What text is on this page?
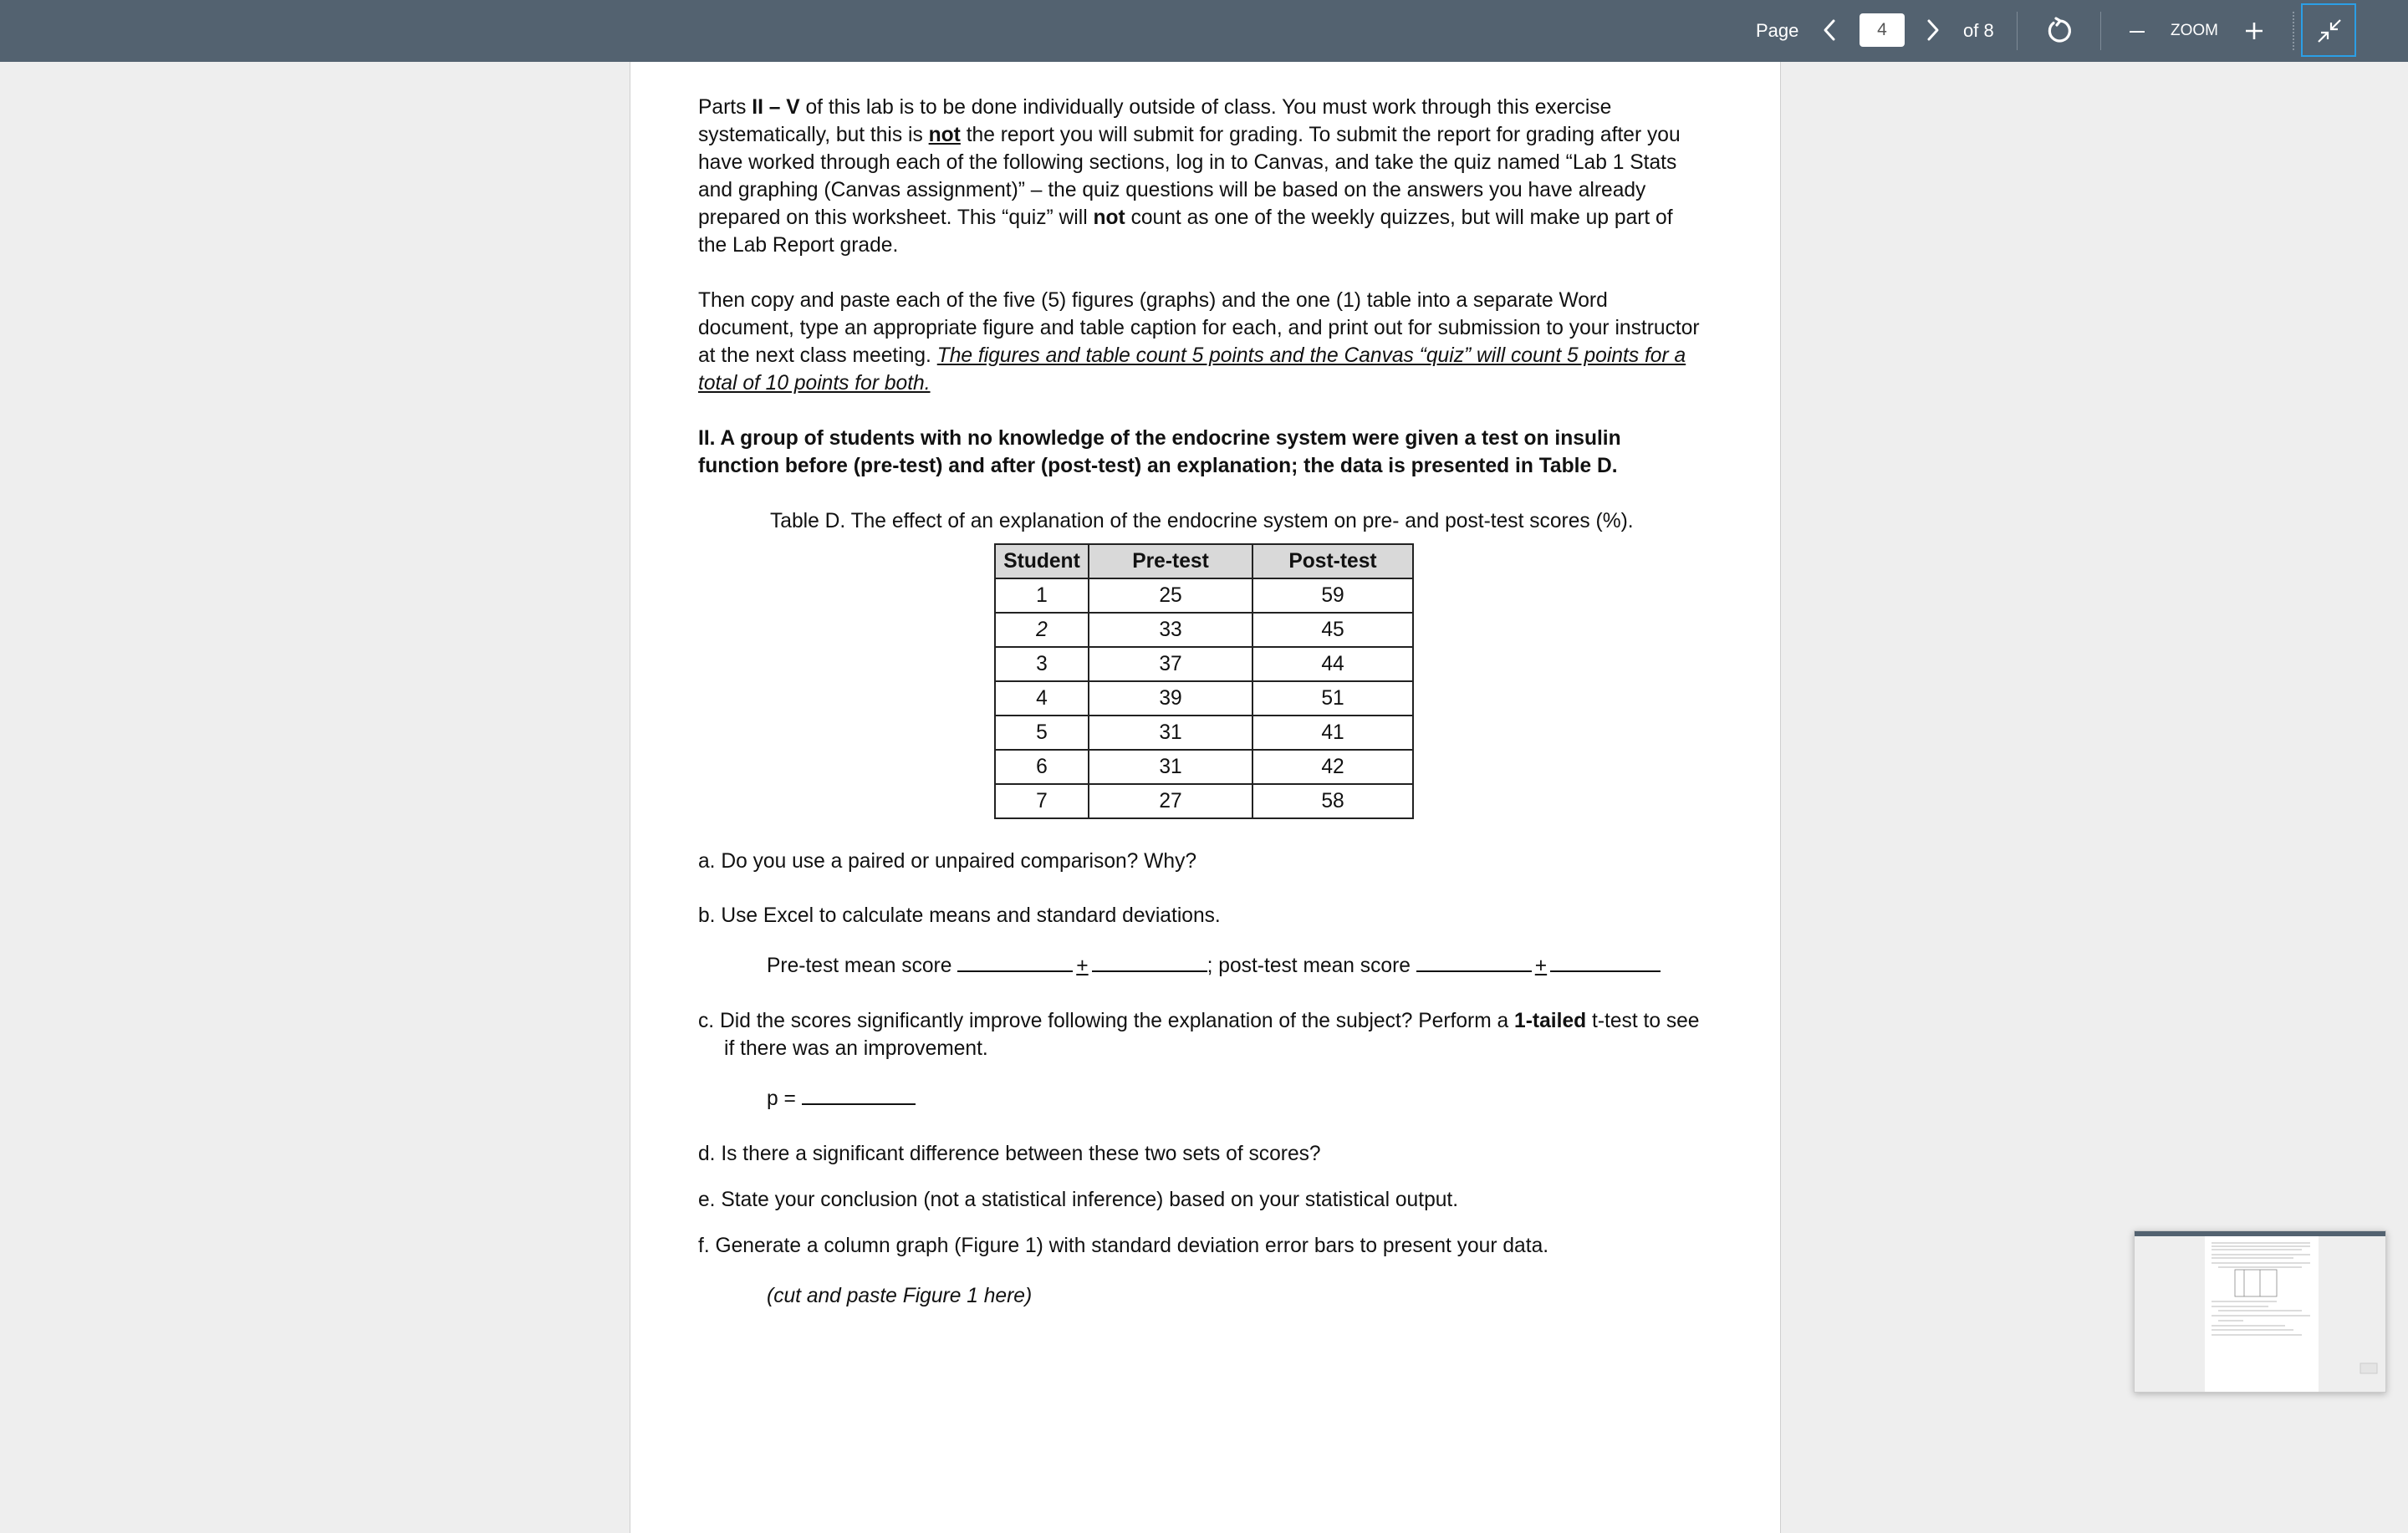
Page
4	of 8	ZOOM

Parts II – V of this lab is to be done individually outside of class. You must work through this exercise systematically, but this is not the report you will submit for grading. To submit the report for grading after you have worked through each of the following sections, log in to Canvas, and take the quiz named “Lab 1 Stats and graphing (Canvas assignment)” – the quiz questions will be based on the answers you have already prepared on this worksheet. This “quiz” will not count as one of the weekly quizzes, but will make up part of the Lab Report grade.

Then copy and paste each of the five (5) figures (graphs) and the one (1) table into a separate Word document, type an appropriate figure and table caption for each, and print out for submission to your instructor at the next class meeting. The figures and table count 5 points and the Canvas “quiz” will count 5 points for a total of 10 points for both.

II. A group of students with no knowledge of the endocrine system were given a test on insulin function before (pre-test) and after (post-test) an explanation; the data is presented in Table D.

Table D. The effect of an explanation of the endocrine system on pre- and post-test scores (%).

Student	Pre-test	Post-test
1	25	59
2	33	45
3	37	44
4	39	51
5	31	41
6	31	42
7	27	58

a. Do you use a paired or unpaired comparison? Why?

b. Use Excel to calculate means and standard deviations.

Pre-test mean score	+	; post-test mean score	+

c. Did the scores significantly improve following the explanation of the subject? Perform a 1-tailed t-test to see if there was an improvement.

p =

d. Is there a significant difference between these two sets of scores?

e. State your conclusion (not a statistical inference) based on your statistical output.

f. Generate a column graph (Figure 1) with standard deviation error bars to present your data.

(cut and paste Figure 1 here)
